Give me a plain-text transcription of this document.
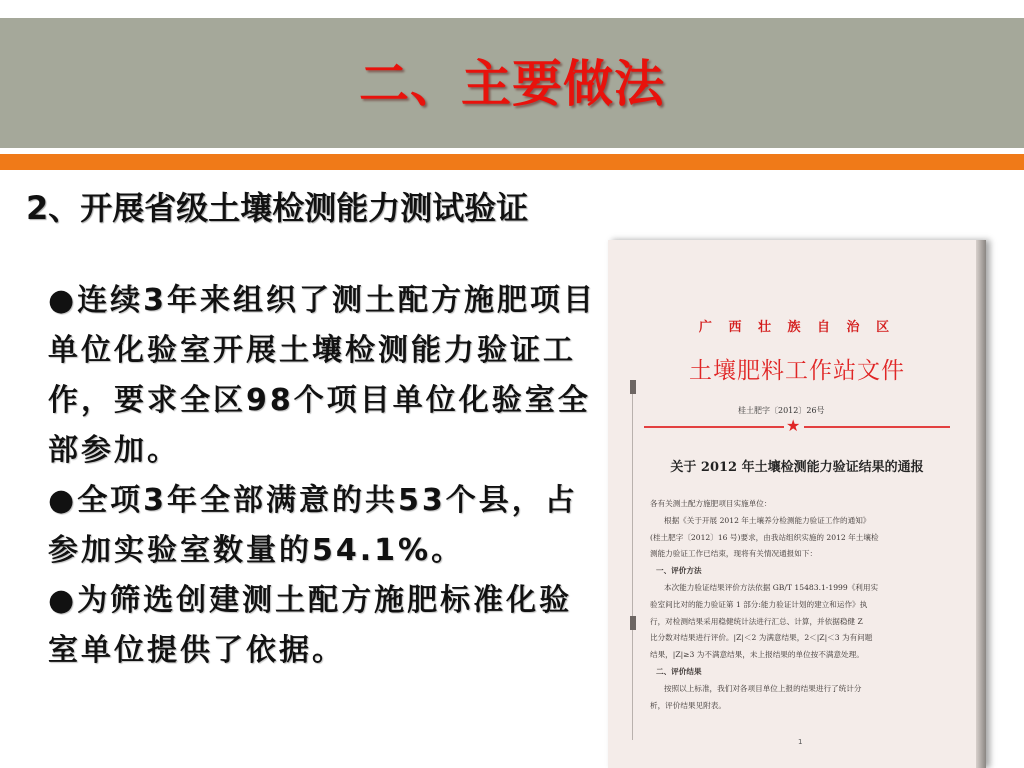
二、主要做法
2、开展省级土壤检测能力测试验证

●连续3年来组织了测土配方施肥项目单位化验室开展土壤检测能力验证工作，要求全区98个项目单位化验室全部参加。

●全项3年全部满意的共53个县，占参加实验室数量的54.1%。

●为筛选创建测土配方施肥标准化验室单位提供了依据。

广 西 壮 族 自 治 区
土壤肥料工作站文件
桂土肥字〔2012〕26号
★
关于 2012 年土壤检测能力验证结果的通报
各有关测土配方施肥项目实施单位：
根据《关于开展 2012 年土壤养分检测能力验证工作的通知》
(桂土肥字〔2012〕16 号)要求，由我站组织实施的 2012 年土壤检
测能力验证工作已结束，现将有关情况通报如下：
一、评价方法
本次能力验证结果评价方法依据 GB/T 15483.1-1999《利用实
验室间比对的能力验证第 1 部分:能力验证计划的建立和运作》执
行，对检测结果采用稳健统计法进行汇总、计算，并依据稳健 Z
比分数对结果进行评价。|Z|＜2 为满意结果，2＜|Z|＜3 为有问题
结果，|Z|≥3 为不满意结果，未上报结果的单位按不满意处理。
二、评价结果
按照以上标准，我们对各项目单位上报的结果进行了统计分
析，评价结果见附表。
1
